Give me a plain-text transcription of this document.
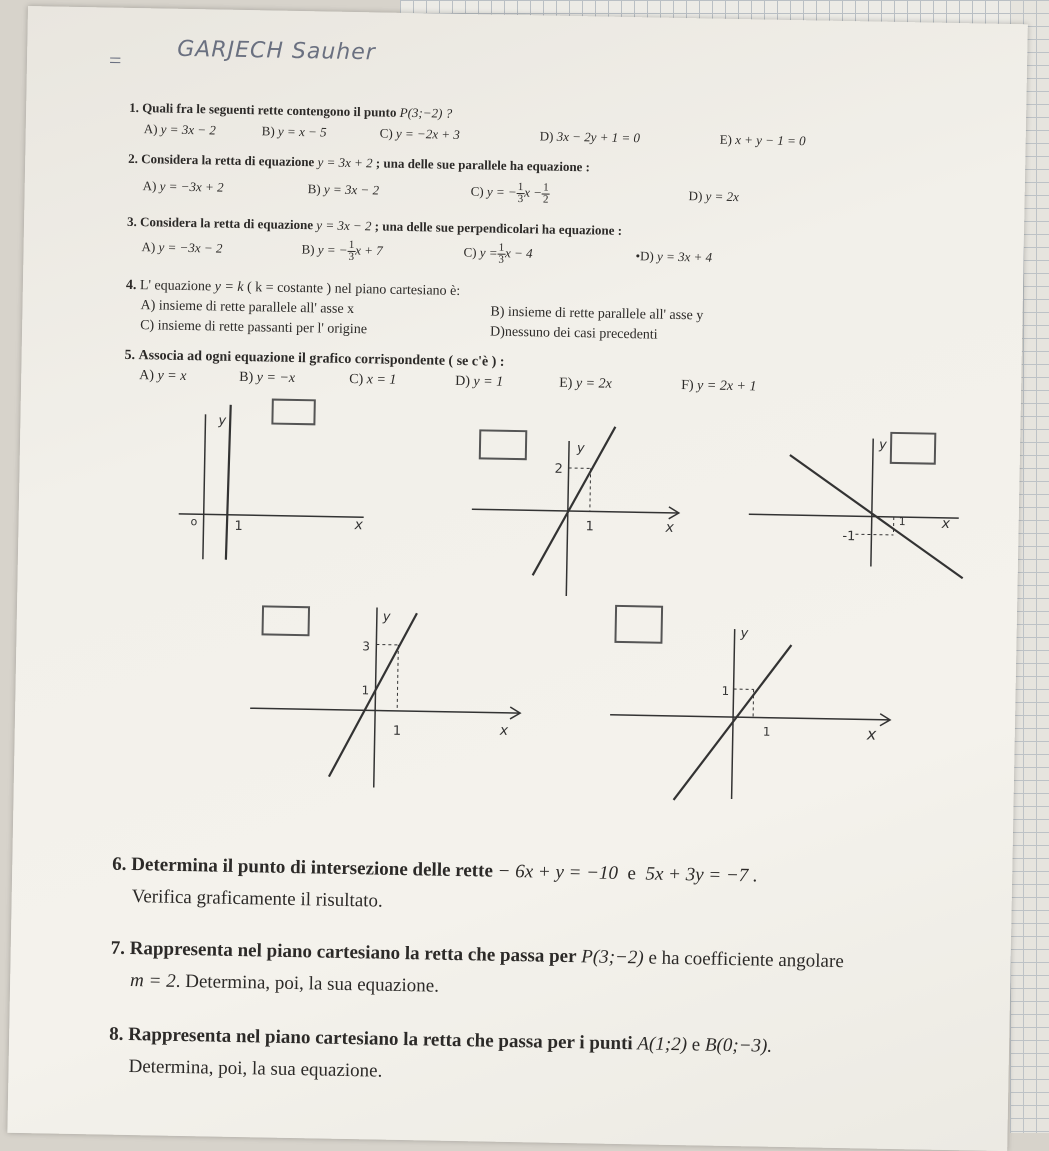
=	GARJECH Sauher
1. Quali fra le seguenti rette contengono il punto P(3;−2) ?
A) y = 3x − 2	B) y = x − 5	C) y = −2x + 3	D) 3x − 2y + 1 = 0	E) x + y − 1 = 0
2. Considera la retta di equazione y = 3x + 2 ; una delle sue parallele ha equazione :
A) y = −3x + 2	B) y = 3x − 2	C) y = − $\frac{1}{3}$ $x - \frac{1}{2}$	D) y = 2x
3. Considera la retta di equazione y = 3x − 2 ; una delle sue perpendicolari ha equazione :
A) y = −3x − 2	B) y = − $\frac{1}{3}$ x + 7	C) $y = \frac{1}{3}$ x − 4	•D) y = 3x + 4
4. L' equazione y = k ( k = costante ) nel piano cartesiano è:
A) insieme di rette parallele all' asse x	B) insieme di rette parallele all' asse y
C) insieme di rette passanti per l' origine	D)nessuno dei casi precedenti
5. Associa ad ogni equazione il grafico corrispondente ( se c'è ) :
A) y = x	B) y = −x	C) x = 1	D) y = 1	E) y = 2x	F) y = 2x + 1
y
x
o	1
y
x
2
1
y
x
1
-1
y
x
3
1
1
y
x
1
1
6. Determina il punto di intersezione delle rette − 6x + y = −10 e 5x + 3y = −7 .
Verifica graficamente il risultato.
7. Rappresenta nel piano cartesiano la retta che passa per P(3;−2) e ha coefficiente angolare
m = 2. Determina, poi, la sua equazione.
8. Rappresenta nel piano cartesiano la retta che passa per i punti A(1;2) e B(0;−3).
Determina, poi, la sua equazione.
